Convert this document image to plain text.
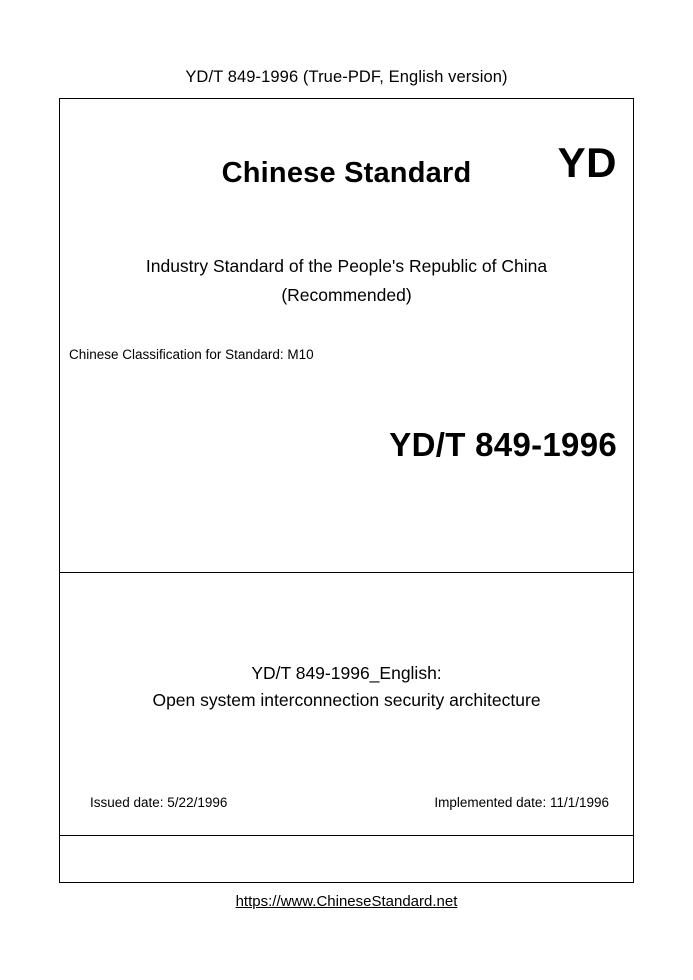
YD/T 849-1996 (True-PDF, English version)
Chinese Standard	YD
Industry Standard of the People's Republic of China
(Recommended)
Chinese Classification for Standard: M10
YD/T 849-1996
YD/T 849-1996_English:
Open system interconnection security architecture
Issued date: 5/22/1996	Implemented date: 11/1/1996
https://www.ChineseStandard.net
